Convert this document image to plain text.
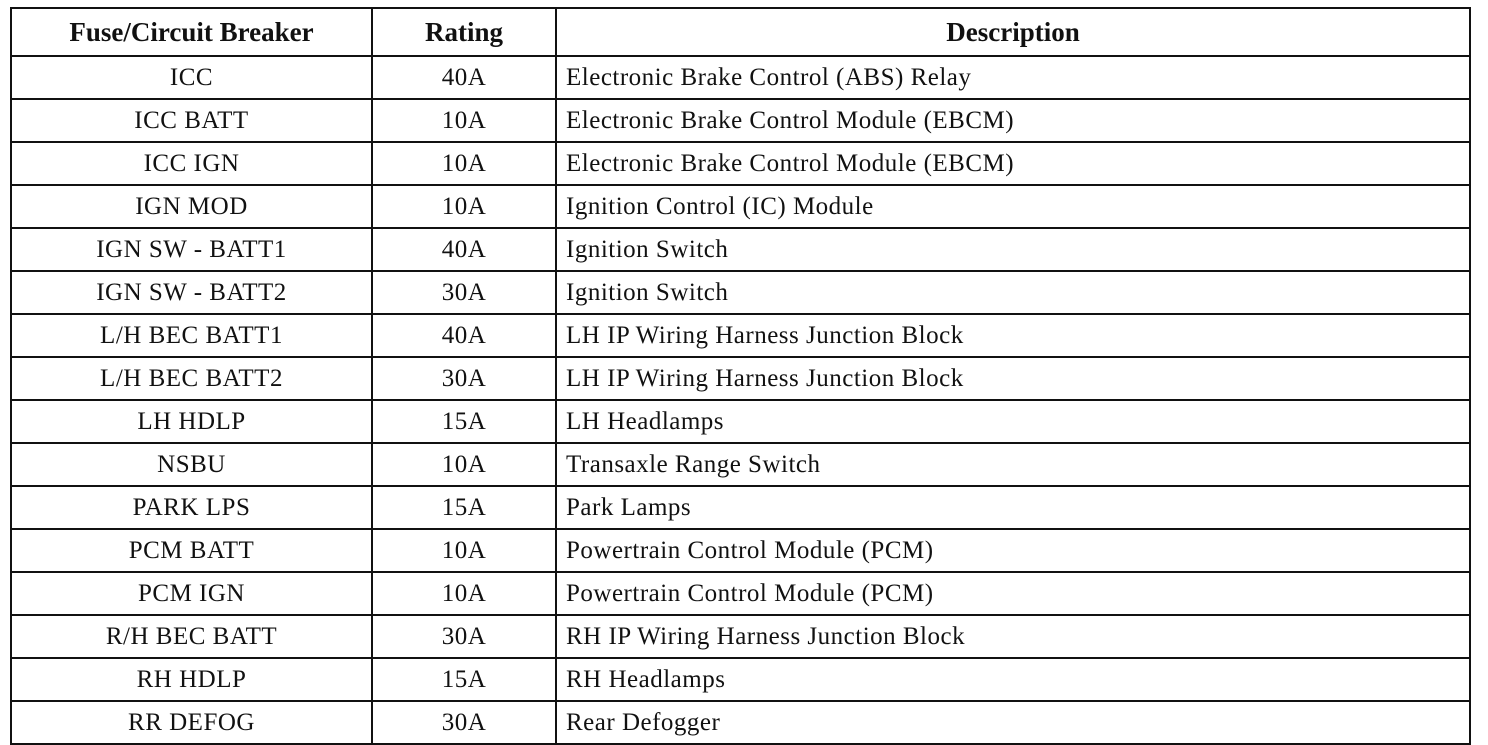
Fuse/Circuit Breaker	Rating	Description
ICC	40A	Electronic Brake Control (ABS) Relay
ICC BATT	10A	Electronic Brake Control Module (EBCM)
ICC IGN	10A	Electronic Brake Control Module (EBCM)
IGN MOD	10A	Ignition Control (IC) Module
IGN SW - BATT1	40A	Ignition Switch
IGN SW - BATT2	30A	Ignition Switch
L/H BEC BATT1	40A	LH IP Wiring Harness Junction Block
L/H BEC BATT2	30A	LH IP Wiring Harness Junction Block
LH HDLP	15A	LH Headlamps
NSBU	10A	Transaxle Range Switch
PARK LPS	15A	Park Lamps
PCM BATT	10A	Powertrain Control Module (PCM)
PCM IGN	10A	Powertrain Control Module (PCM)
R/H BEC BATT	30A	RH IP Wiring Harness Junction Block
RH HDLP	15A	RH Headlamps
RR DEFOG	30A	Rear Defogger
